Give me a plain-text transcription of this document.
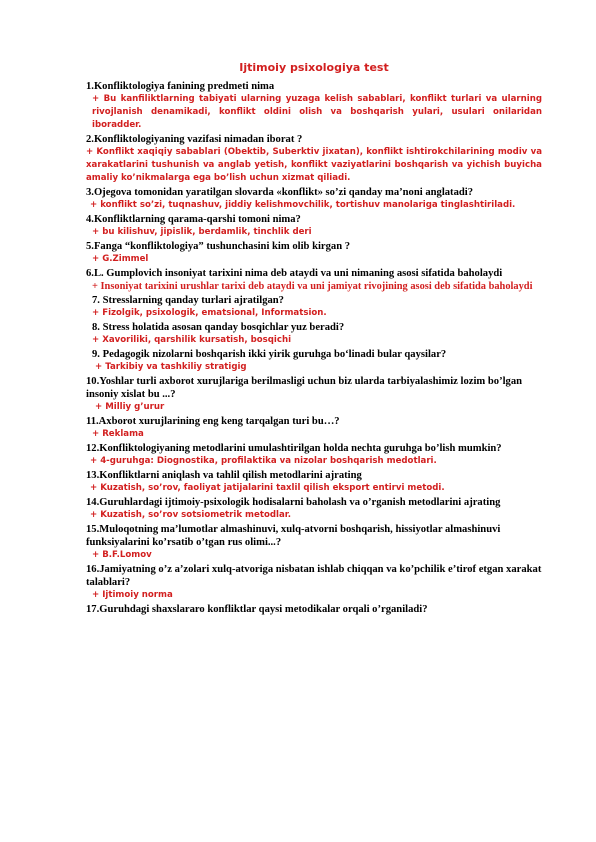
Ijtimoiy psixologiya test

1.Konfliktologiya fanining predmeti nima

+ Bu kanfiliktlarning tabiyati ularning yuzaga kelish sabablari, konflikt turlari va ularning rivojlanish denamikadi, konflikt oldini olish va boshqarish yulari, usulari onilaridan iboradder.

2.Konfliktologiyaning vazifasi nimadan iborat ?

+ Konflikt xaqiqiy sabablari (Obektib, Suberktiv jixatan), konflikt ishtirokchilarining modiv va xarakatlarini tushunish va anglab yetish, konflikt vaziyatlarini boshqarish va yichish buyicha amaliy ko’nikmalarga ega bo’lish uchun xizmat qiliadi.

3.Ojegova tomonidan yaratilgan slovarda «konflikt» so’zi qanday ma’noni anglatadi?

+ konflikt so’zi, tuqnashuv, jiddiy kelishmovchilik, tortishuv manolariga tinglashtiriladi.

4.Konfliktlarning qarama-qarshi tomoni nima?

+ bu kilishuv, jipislik, berdamlik, tinchlik deri

5.Fanga “konfliktologiya” tushunchasini kim olib kirgan ?

+ G.Zimmel

6.L. Gumplovich insoniyat tarixini nima deb ataydi va uni nimaning asosi sifatida baholaydi

+ Insoniyat tarixini urushlar tarixi deb ataydi va uni jamiyat rivojining asosi deb sifatida baholaydi

7. Stresslarning qanday turlari ajratilgan?

+ Fizolgik, psixologik, ematsional, Informatsion.

8. Stress holatida asosan qanday bosqichlar yuz beradi?

+ Xavoriliki, qarshilik kursatish, bosqichi

9. Pedagogik nizolarni boshqarish ikki yirik guruhga bo‘linadi bular qaysilar?

+ Tarkibiy va tashkiliy stratigig

10.Yoshlar turli axborot xurujlariga berilmasligi uchun biz ularda tarbiyalashimiz lozim bo’lgan insoniy xislat bu ...?

+ Milliy g’urur

11.Axborot xurujlarining eng keng tarqalgan turi bu…?

+ Reklama

12.Konfliktologiyaning metodlarini umulashtirilgan holda nechta guruhga bo’lish mumkin?

+ 4-guruhga: Diognostika, profilaktika va nizolar boshqarish medotlari.

13.Konfliktlarni aniqlash va tahlil qilish metodlarini ajrating

+ Kuzatish, so’rov, faoliyat jatijalarini taxlil qilish eksport entirvi metodi.

14.Guruhlardagi ijtimoiy-psixologik hodisalarni baholash va o’rganish metodlarini ajrating

+ Kuzatish, so’rov sotsiometrik metodlar.

15.Muloqotning ma’lumotlar almashinuvi, xulq-atvorni boshqarish, hissiyotlar almashinuvi funksiyalarini ko’rsatib o’tgan rus olimi...?

+ B.F.Lomov

16.Jamiyatning o’z a’zolari xulq-atvoriga nisbatan ishlab chiqqan va ko’pchilik e’tirof etgan xarakat talablari?

+ Ijtimoiy norma

17.Guruhdagi shaxslararo konfliktlar qaysi metodikalar orqali o’rganiladi?
